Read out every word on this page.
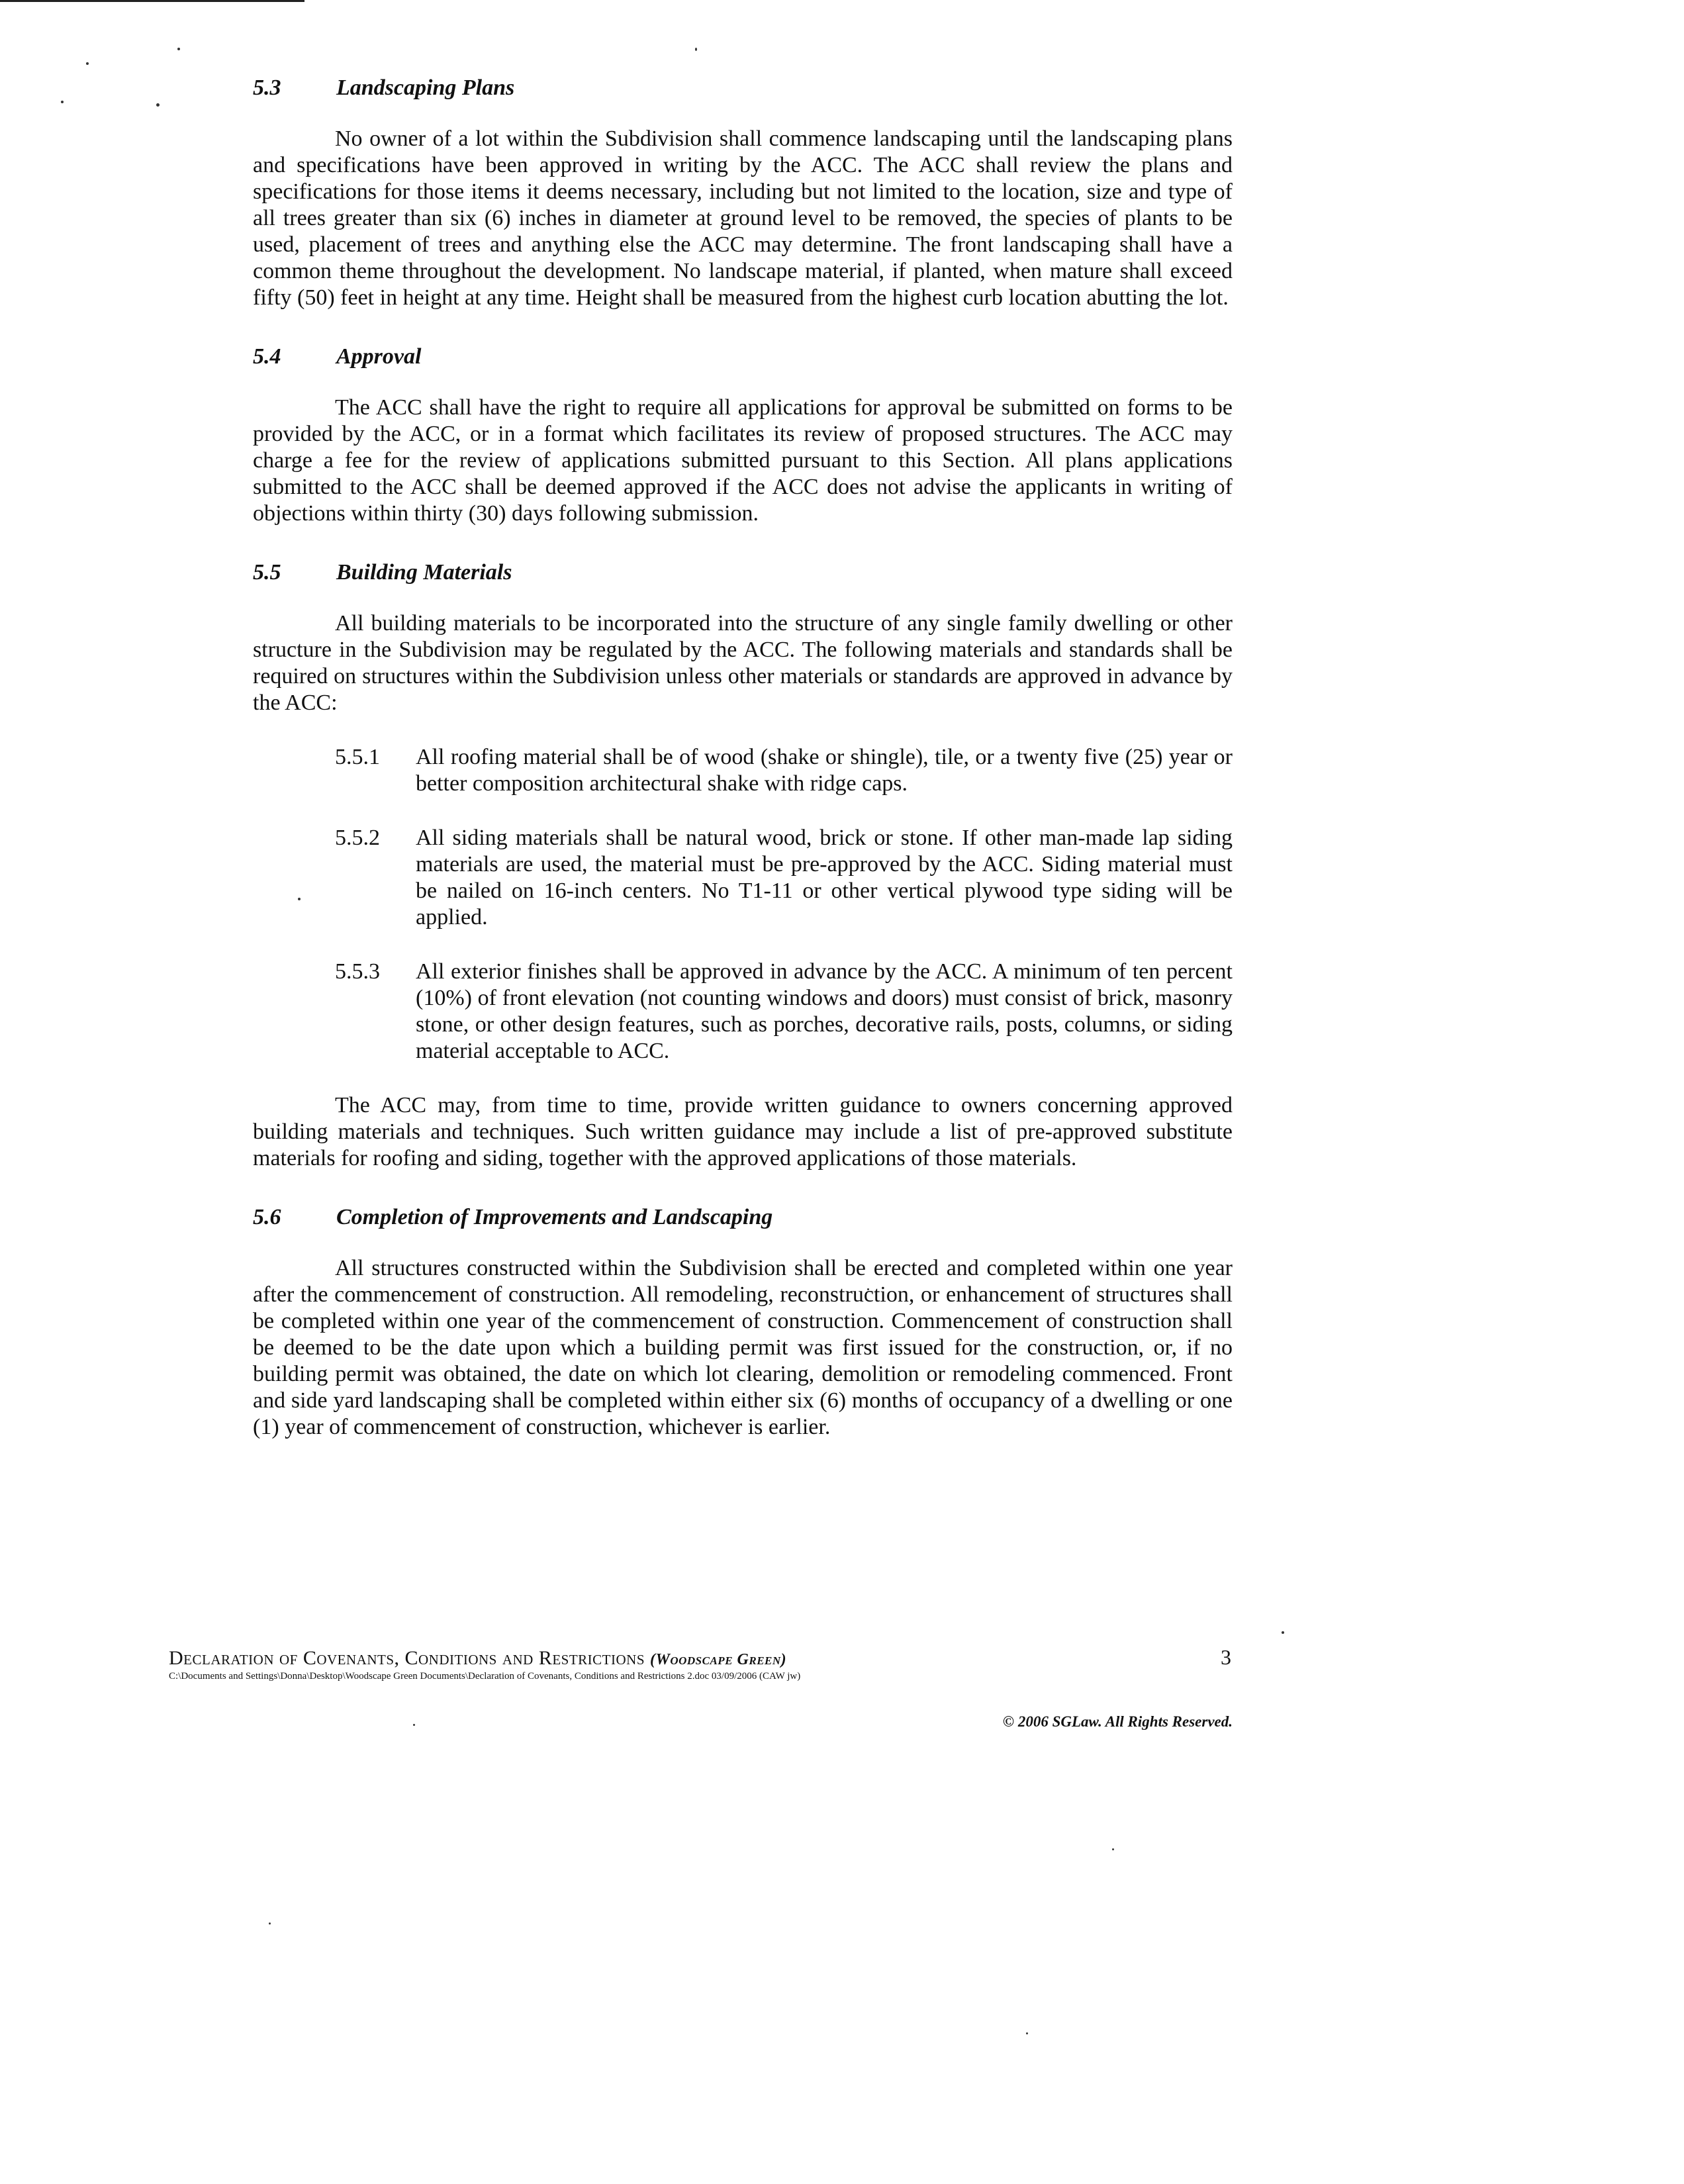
5.3	Landscaping Plans

No owner of a lot within the Subdivision shall commence landscaping until the landscaping plans and specifications have been approved in writing by the ACC. The ACC shall review the plans and specifications for those items it deems necessary, including but not limited to the location, size and type of all trees greater than six (6) inches in diameter at ground level to be removed, the species of plants to be used, placement of trees and anything else the ACC may determine. The front landscaping shall have a common theme throughout the development. No landscape material, if planted, when mature shall exceed fifty (50) feet in height at any time. Height shall be measured from the highest curb location abutting the lot.

5.4	Approval

The ACC shall have the right to require all applications for approval be submitted on forms to be provided by the ACC, or in a format which facilitates its review of proposed structures. The ACC may charge a fee for the review of applications submitted pursuant to this Section. All plans applications submitted to the ACC shall be deemed approved if the ACC does not advise the applicants in writing of objections within thirty (30) days following submission.

5.5	Building Materials

All building materials to be incorporated into the structure of any single family dwelling or other structure in the Subdivision may be regulated by the ACC. The following materials and standards shall be required on structures within the Subdivision unless other materials or standards are approved in advance by the ACC:

5.5.1	All roofing material shall be of wood (shake or shingle), tile, or a twenty five (25) year or better composition architectural shake with ridge caps.
5.5.2	All siding materials shall be natural wood, brick or stone. If other man-made lap siding materials are used, the material must be pre-approved by the ACC. Siding material must be nailed on 16-inch centers. No T1-11 or other vertical plywood type siding will be applied.
5.5.3	All exterior finishes shall be approved in advance by the ACC. A minimum of ten percent (10%) of front elevation (not counting windows and doors) must consist of brick, masonry stone, or other design features, such as porches, decorative rails, posts, columns, or siding material acceptable to ACC.

The ACC may, from time to time, provide written guidance to owners concerning approved building materials and techniques. Such written guidance may include a list of pre-approved substitute materials for roofing and siding, together with the approved applications of those materials.

5.6	Completion of Improvements and Landscaping

All structures constructed within the Subdivision shall be erected and completed within one year after the commencement of construction. All remodeling, reconstruction, or enhancement of structures shall be completed within one year of the commencement of construction. Commencement of construction shall be deemed to be the date upon which a building permit was first issued for the construction, or, if no building permit was obtained, the date on which lot clearing, demolition or remodeling commenced. Front and side yard landscaping shall be completed within either six (6) months of occupancy of a dwelling or one (1) year of commencement of construction, whichever is earlier.

Declaration of Covenants, Conditions and Restrictions (Woodscape Green)	3
C:\Documents and Settings\Donna\Desktop\Woodscape Green Documents\Declaration of Covenants, Conditions and Restrictions 2.doc 03/09/2006 (CAW jw)
© 2006 SGLaw. All Rights Reserved.
